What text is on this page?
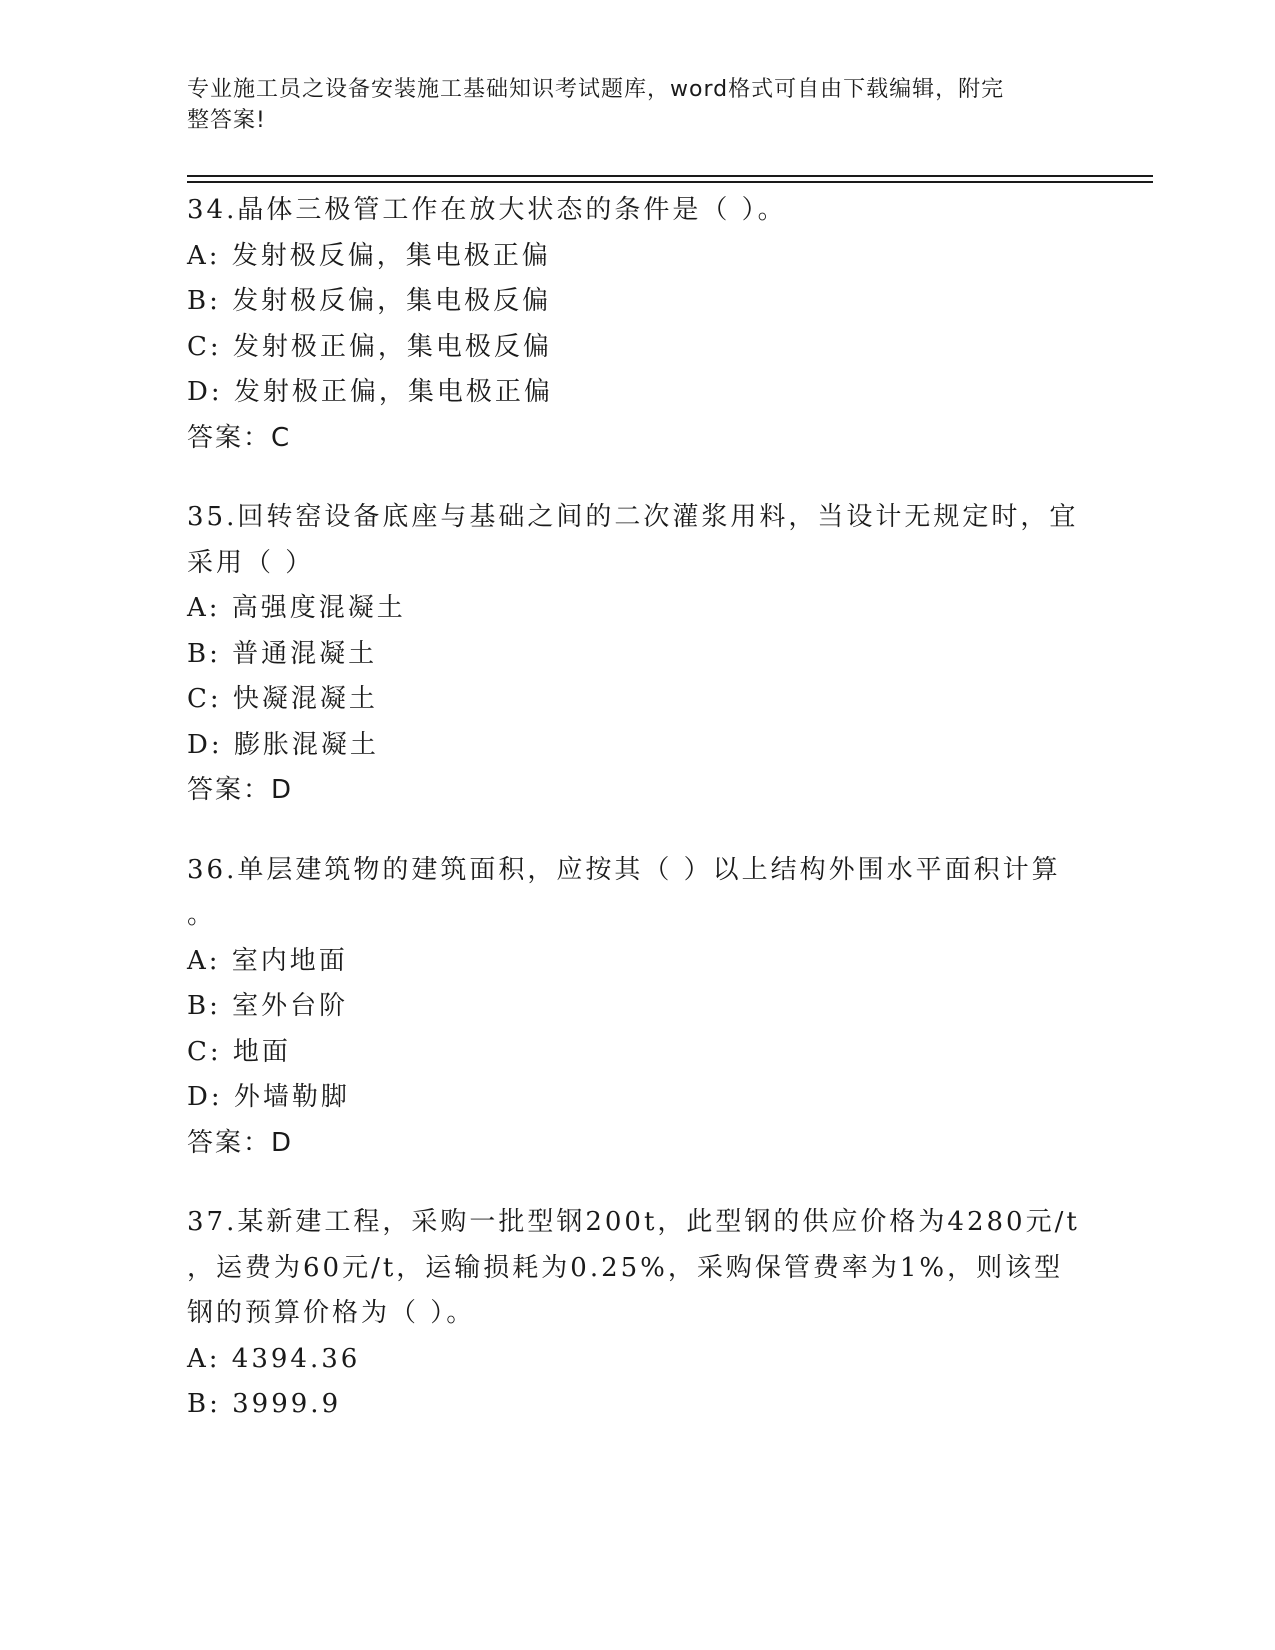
专业施工员之设备安装施工基础知识考试题库，word格式可自由下载编辑，附完
整答案!
34.晶体三极管工作在放大状态的条件是（ ）。
A: 发射极反偏，集电极正偏
B: 发射极反偏，集电极反偏
C: 发射极正偏，集电极反偏
D: 发射极正偏，集电极正偏
答案：C
35.回转窑设备底座与基础之间的二次灌浆用料，当设计无规定时，宜
采用（ ）
A: 高强度混凝土
B: 普通混凝土
C: 快凝混凝土
D: 膨胀混凝土
答案：D
36.单层建筑物的建筑面积，应按其（ ）以上结构外围水平面积计算
。
A: 室内地面
B: 室外台阶
C: 地面
D: 外墙勒脚
答案：D
37.某新建工程，采购一批型钢200t，此型钢的供应价格为4280元/t
，运费为60元/t，运输损耗为0.25%，采购保管费率为1%，则该型
钢的预算价格为（ ）。
A: 4394.36
B: 3999.9
